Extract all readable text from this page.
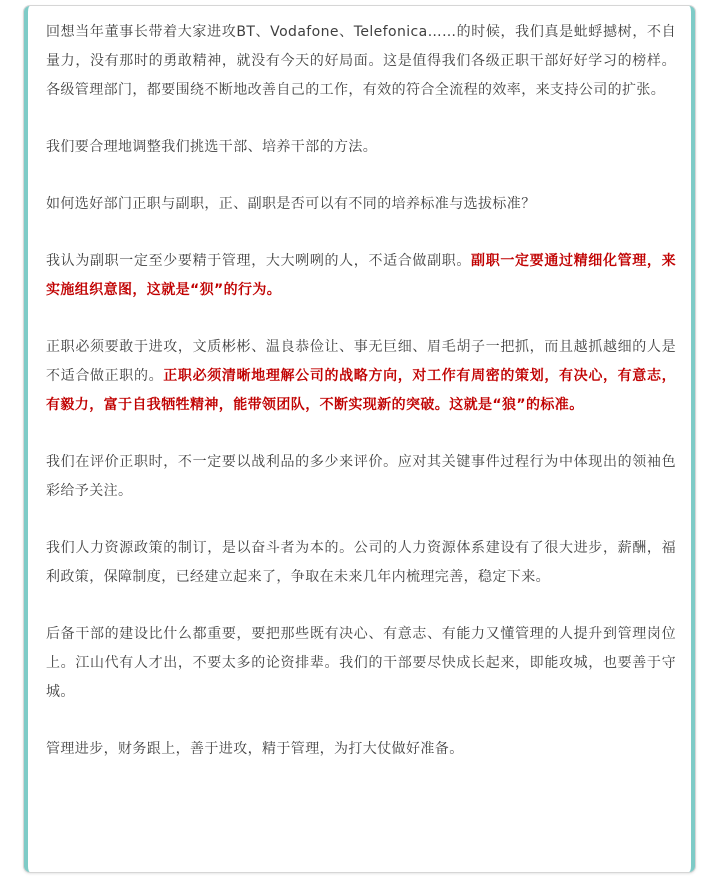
回想当年董事长带着大家进攻BT、Vodafone、Telefonica……的时候，我们真是蚍蜉撼树，不自量力，没有那时的勇敢精神，就没有今天的好局面。这是值得我们各级正职干部好好学习的榜样。各级管理部门，都要围绕不断地改善自己的工作，有效的符合全流程的效率，来支持公司的扩张。

我们要合理地调整我们挑选干部、培养干部的方法。

如何选好部门正职与副职，正、副职是否可以有不同的培养标准与选拔标准？

我认为副职一定至少要精于管理，大大咧咧的人，不适合做副职。副职一定要通过精细化管理，来实施组织意图，这就是“狈”的行为。

正职必须要敢于进攻，文质彬彬、温良恭俭让、事无巨细、眉毛胡子一把抓，而且越抓越细的人是不适合做正职的。正职必须清晰地理解公司的战略方向，对工作有周密的策划，有决心，有意志，有毅力，富于自我牺牲精神，能带领团队，不断实现新的突破。这就是“狼”的标准。

我们在评价正职时，不一定要以战利品的多少来评价。应对其关键事件过程行为中体现出的领袖色彩给予关注。

我们人力资源政策的制订，是以奋斗者为本的。公司的人力资源体系建设有了很大进步，薪酬，福利政策，保障制度，已经建立起来了，争取在未来几年内梳理完善，稳定下来。

后备干部的建设比什么都重要，要把那些既有决心、有意志、有能力又懂管理的人提升到管理岗位上。江山代有人才出，不要太多的论资排辈。我们的干部要尽快成长起来，即能攻城，也要善于守城。

管理进步，财务跟上，善于进攻，精于管理，为打大仗做好准备。
